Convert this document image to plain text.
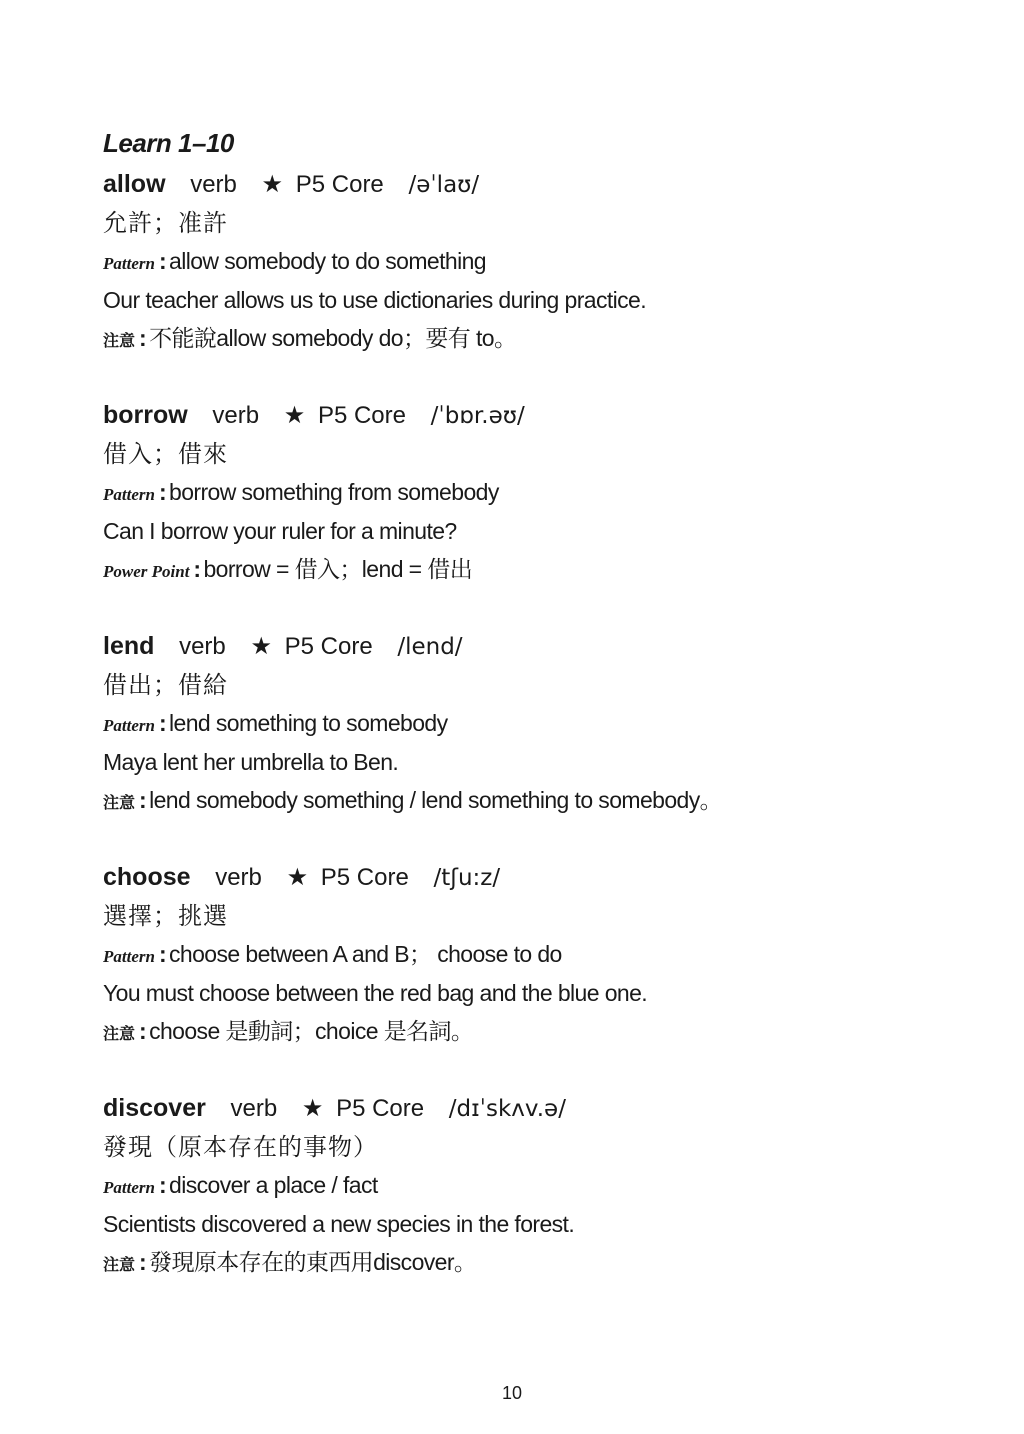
Learn 1–10
allow verb ★ P5 Core /əˈlaʊ/
允許；准許
Pattern : allow somebody to do something
Our teacher allows us to use dictionaries during practice.
注意 : 不能說allow somebody do；要有 to。
borrow verb ★ P5 Core /ˈbɒr.əʊ/
借入；借來
Pattern : borrow something from somebody
Can I borrow your ruler for a minute?
Power Point : borrow = 借入；lend = 借出
lend verb ★ P5 Core /lend/
借出；借給
Pattern : lend something to somebody
Maya lent her umbrella to Ben.
注意 : lend somebody something / lend something to somebody。
choose verb ★ P5 Core /tʃu:z/
選擇；挑選
Pattern : choose between A and B； choose to do
You must choose between the red bag and the blue one.
注意 : choose 是動詞；choice 是名詞。
discover verb ★ P5 Core /dɪˈskʌv.ə/
發現（原本存在的事物）
Pattern : discover a place / fact
Scientists discovered a new species in the forest.
注意 : 發現原本存在的東西用discover。
10
